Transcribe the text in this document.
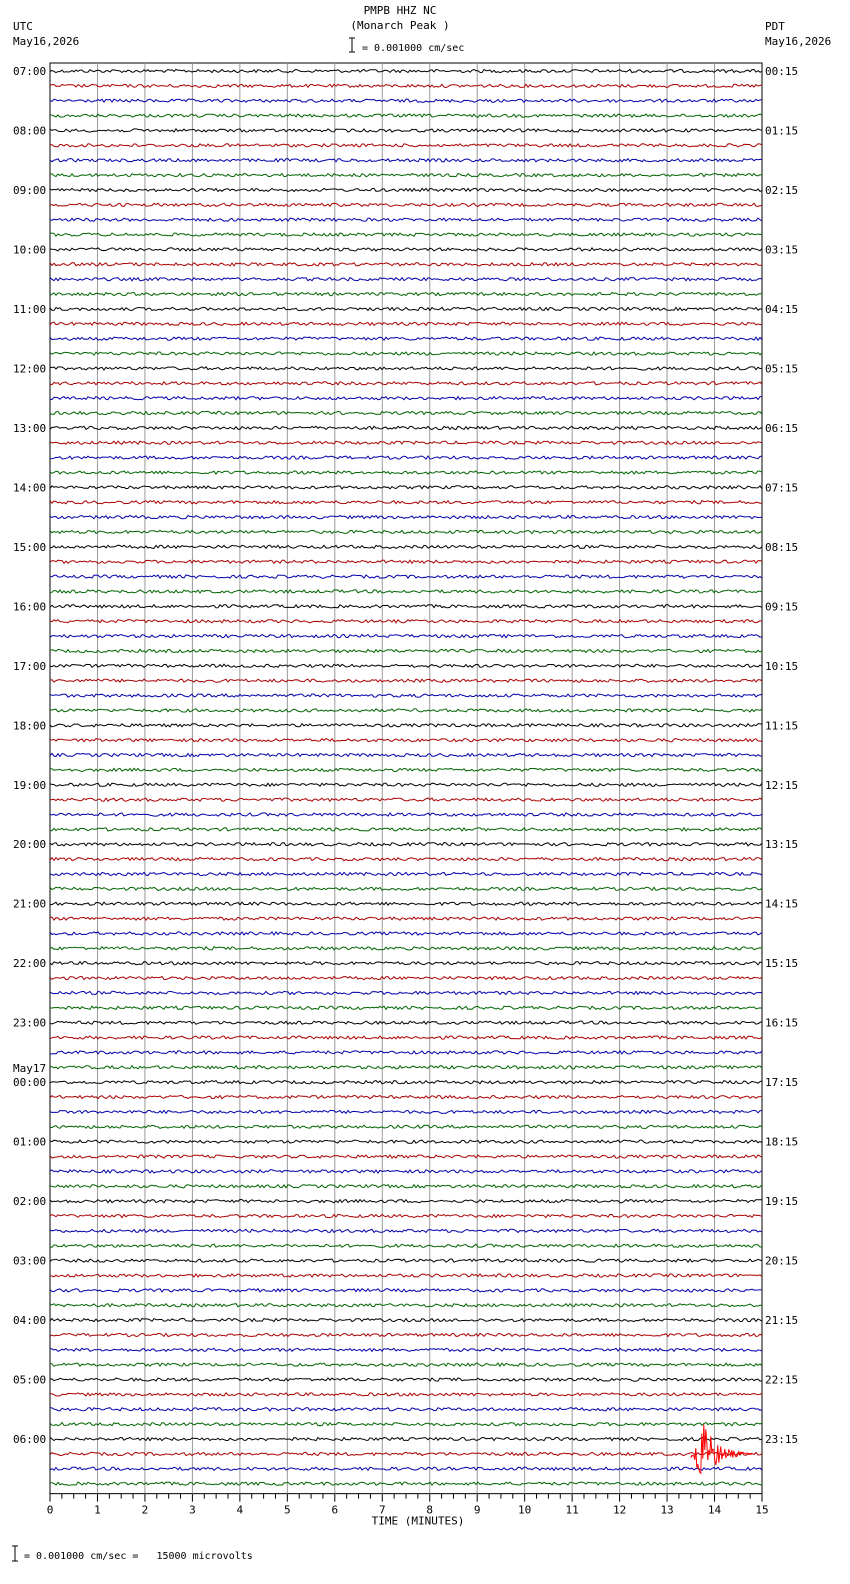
PMPB HHZ NC
(Monarch Peak )
= 0.001000 cm/sec
UTC
May16,2026
PDT
May16,2026
07:00
08:00
09:00
10:00
11:00
12:00
13:00
14:00
15:00
16:00
17:00
18:00
19:00
20:00
21:00
22:00
23:00
00:00
01:00
02:00
03:00
04:00
05:00
06:00
00:15
01:15
02:15
03:15
04:15
05:15
06:15
07:15
08:15
09:15
10:15
11:15
12:15
13:15
14:15
15:15
16:15
17:15
18:15
19:15
20:15
21:15
22:15
23:15
May17
0	1	2	3	4	5	6	7	8	9	10	11	12	13	14	15
TIME (MINUTES)
= 0.001000 cm/sec =   15000 microvolts
